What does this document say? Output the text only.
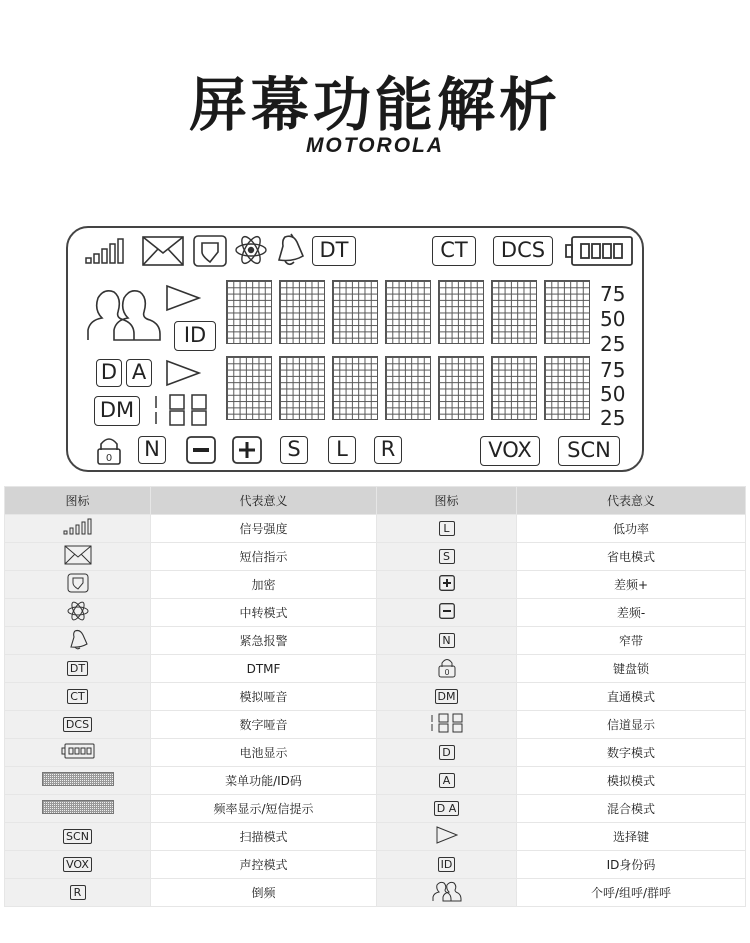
屏幕功能解析
MOTOROLA
DT	CT	DCS
ID
D A
DM
75
50
25
75
50
25
0 N	S	L	R	VOX	SCN
图标	代表意义	图标	代表意义
	信号强度	L	低功率
	短信指示	S	省电模式
	加密		差频+
	中转模式		差频-
	紧急报警	N	窄带
DT	DTMF	0	键盘锁
CT	模拟哑音	DM	直通模式
DCS	数字哑音		信道显示
	电池显示	D	数字模式
	菜单功能/ID码	A	模拟模式
	频率显示/短信提示	D A	混合模式
SCN	扫描模式		选择键
VOX	声控模式	ID	ID身份码
R	倒频		个呼/组呼/群呼
